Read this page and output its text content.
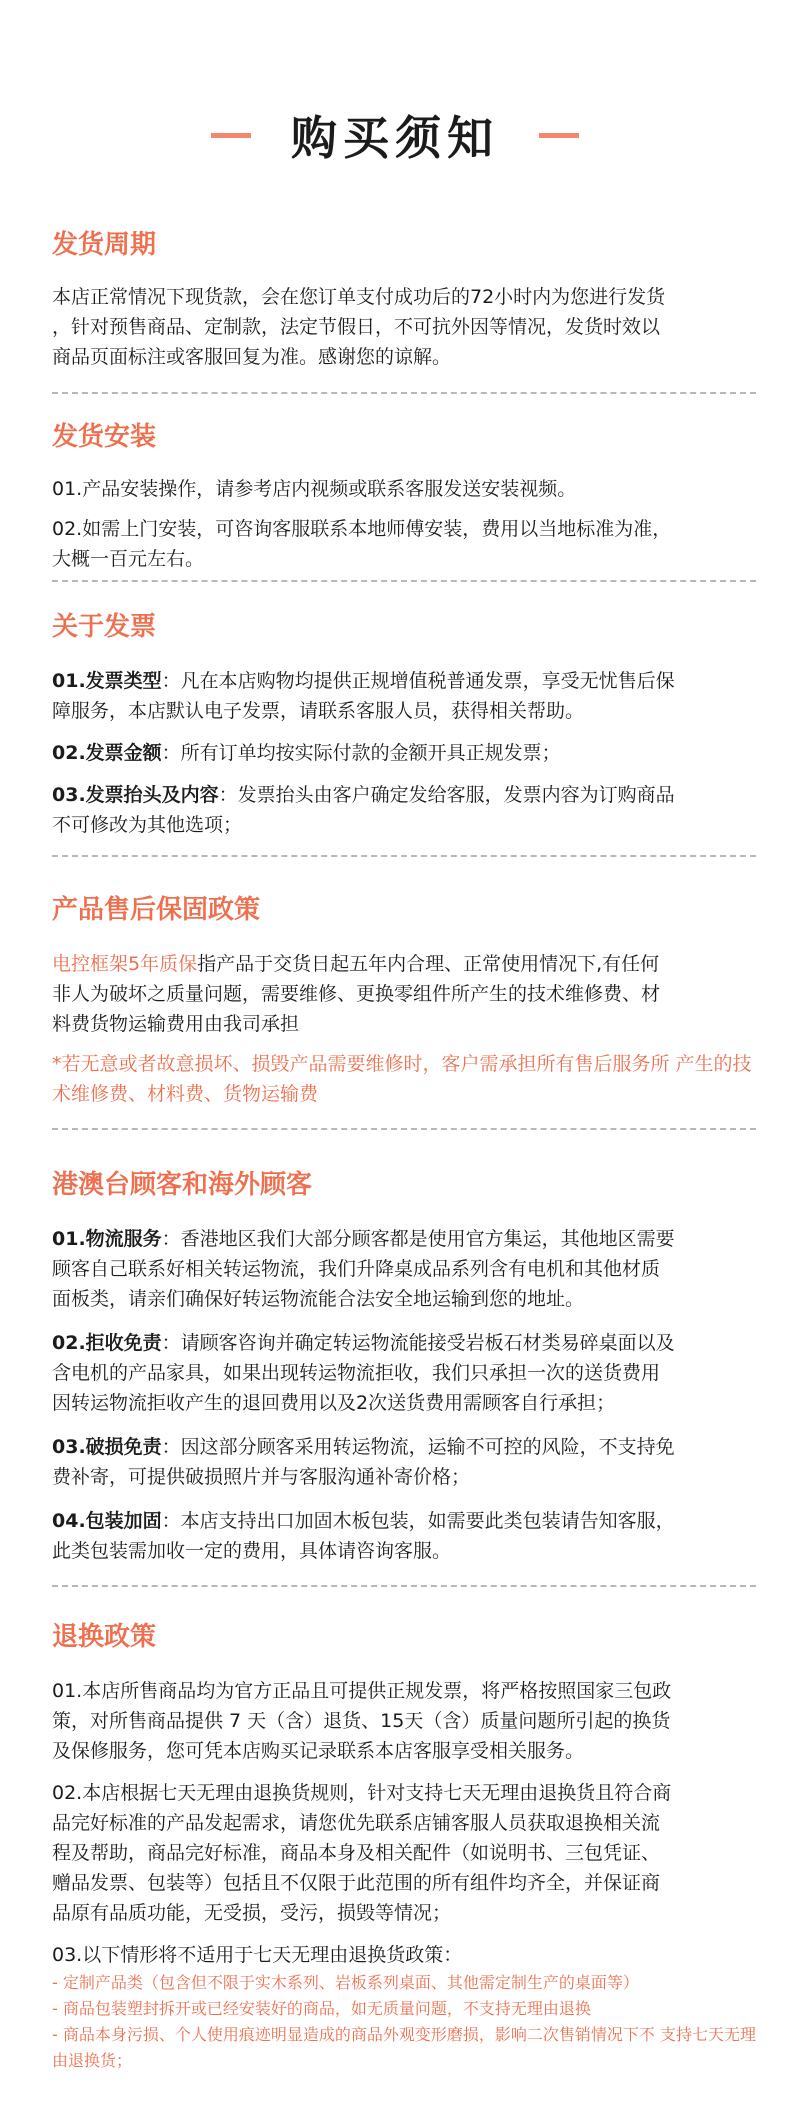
购买须知
发货周期

本店正常情况下现货款，会在您订单支付成功后的72小时内为您进行发货
，针对预售商品、定制款，法定节假日，不可抗外因等情况，发货时效以
商品页面标注或客服回复为准。感谢您的谅解。

发货安装

01.产品安装操作，请参考店内视频或联系客服发送安装视频。

02.如需上门安装，可咨询客服联系本地师傅安装，费用以当地标准为准，
大概一百元左右。

关于发票

01.发票类型：凡在本店购物均提供正规增值税普通发票，享受无忧售后保
障服务，本店默认电子发票，请联系客服人员，获得相关帮助。

02.发票金额：所有订单均按实际付款的金额开具正规发票；

03.发票抬头及内容：发票抬头由客户确定发给客服，发票内容为订购商品
不可修改为其他选项；

产品售后保固政策

电控框架5年质保指产品于交货日起五年内合理、正常使用情况下,有任何
非人为破坏之质量问题，需要维修、更换零组件所产生的技术维修费、材
料费货物运输费用由我司承担

*若无意或者故意损坏、损毁产品需要维修时，客户需承担所有售后服务所 产生的技术维修费、材料费、货物运输费

港澳台顾客和海外顾客

01.物流服务：香港地区我们大部分顾客都是使用官方集运，其他地区需要
顾客自己联系好相关转运物流，我们升降桌成品系列含有电机和其他材质
面板类，请亲们确保好转运物流能合法安全地运输到您的地址。

02.拒收免责：请顾客咨询并确定转运物流能接受岩板石材类易碎桌面以及
含电机的产品家具，如果出现转运物流拒收，我们只承担一次的送货费用
因转运物流拒收产生的退回费用以及2次送货费用需顾客自行承担；

03.破损免责：因这部分顾客采用转运物流，运输不可控的风险，不支持免
费补寄，可提供破损照片并与客服沟通补寄价格；

04.包装加固：本店支持出口加固木板包装，如需要此类包装请告知客服，
此类包装需加收一定的费用，具体请咨询客服。

退换政策

01.本店所售商品均为官方正品且可提供正规发票，将严格按照国家三包政
策，对所售商品提供 7 天（含）退货、15天（含）质量问题所引起的换货
及保修服务，您可凭本店购买记录联系本店客服享受相关服务。

02.本店根据七天无理由退换货规则，针对支持七天无理由退换货且符合商
品完好标准的产品发起需求，请您优先联系店铺客服人员获取退换相关流
程及帮助，商品完好标准，商品本身及相关配件（如说明书、三包凭证、
赠品发票、包装等）包括且不仅限于此范围的所有组件均齐全，并保证商
品原有品质功能，无受损，受污，损毁等情况；

03.以下情形将不适用于七天无理由退换货政策：

- 定制产品类（包含但不限于实木系列、岩板系列桌面、其他需定制生产的桌面等）

- 商品包装塑封拆开或已经安装好的商品，如无质量问题，不支持无理由退换

- 商品本身污损、个人使用痕迹明显造成的商品外观变形磨损，影响二次售销情况下不 支持七天无理由退换货；
